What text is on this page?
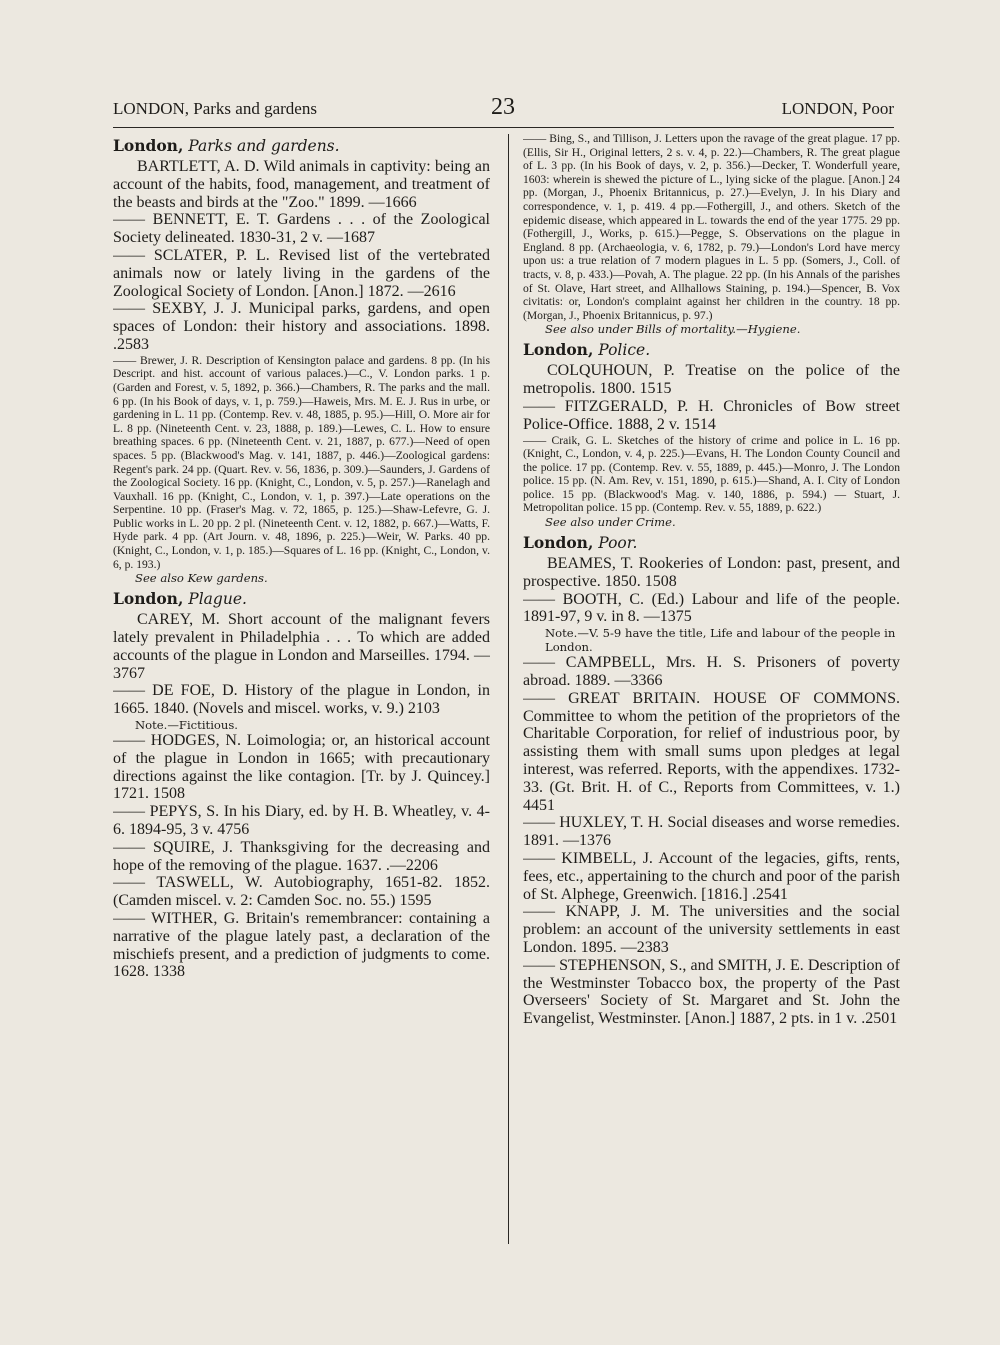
LONDON, Parks and gardens	23	LONDON, Poor
London, Parks and gardens.

BARTLETT, A. D. Wild animals in captivity: being an account of the habits, food, management, and treatment of the beasts and birds at the "Zoo." 1899. —1666

—— BENNETT, E. T. Gardens . . . of the Zoological Society delineated. 1830-31, 2 v. —1687

—— SCLATER, P. L. Revised list of the vertebrated animals now or lately living in the gardens of the Zoological Society of London. [Anon.] 1872. —2616

—— SEXBY, J. J. Municipal parks, gardens, and open spaces of London: their history and associations. 1898. .2583

—— Brewer, J. R. Description of Kensington palace and gardens. 8 pp. (In his Descript. and hist. account of various palaces.)—C., V. London parks. 1 p. (Garden and Forest, v. 5, 1892, p. 366.)—Chambers, R. The parks and the mall. 6 pp. (In his Book of days, v. 1, p. 759.)—Haweis, Mrs. M. E. J. Rus in urbe, or gardening in L. 11 pp. (Contemp. Rev. v. 48, 1885, p. 95.)—Hill, O. More air for L. 8 pp. (Nineteenth Cent. v. 23, 1888, p. 189.)—Lewes, C. L. How to ensure breathing spaces. 6 pp. (Nineteenth Cent. v. 21, 1887, p. 677.)—Need of open spaces. 5 pp. (Blackwood's Mag. v. 141, 1887, p. 446.)—Zoological gardens: Regent's park. 24 pp. (Quart. Rev. v. 56, 1836, p. 309.)—Saunders, J. Gardens of the Zoological Society. 16 pp. (Knight, C., London, v. 5, p. 257.)—Ranelagh and Vauxhall. 16 pp. (Knight, C., London, v. 1, p. 397.)—Late operations on the Serpentine. 10 pp. (Fraser's Mag. v. 72, 1865, p. 125.)—Shaw-Lefevre, G. J. Public works in L. 20 pp. 2 pl. (Nineteenth Cent. v. 12, 1882, p. 667.)—Watts, F. Hyde park. 4 pp. (Art Journ. v. 48, 1896, p. 225.)—Weir, W. Parks. 40 pp. (Knight, C., London, v. 1, p. 185.)—Squares of L. 16 pp. (Knight, C., London, v. 6, p. 193.)

See also Kew gardens.

London, Plague.

CAREY, M. Short account of the malignant fevers lately prevalent in Philadelphia . . . To which are added accounts of the plague in London and Marseilles. 1794. —3767

—— DE FOE, D. History of the plague in London, in 1665. 1840. (Novels and miscel. works, v. 9.) 2103

Note.—Fictitious.

—— HODGES, N. Loimologia; or, an historical account of the plague in London in 1665; with precautionary directions against the like contagion. [Tr. by J. Quincey.] 1721. 1508

—— PEPYS, S. In his Diary, ed. by H. B. Wheatley, v. 4-6. 1894-95, 3 v. 4756

—— SQUIRE, J. Thanksgiving for the decreasing and hope of the removing of the plague. 1637. .—2206

—— TASWELL, W. Autobiography, 1651-82. 1852. (Camden miscel. v. 2: Camden Soc. no. 55.) 1595

—— WITHER, G. Britain's remembrancer: containing a narrative of the plague lately past, a declaration of the mischiefs present, and a prediction of judgments to come. 1628. 1338

—— Bing, S., and Tillison, J. Letters upon the ravage of the great plague. 17 pp. (Ellis, Sir H., Original letters, 2 s. v. 4, p. 22.)—Chambers, R. The great plague of L. 3 pp. (In his Book of days, v. 2, p. 356.)—Decker, T. Wonderfull yeare, 1603: wherein is shewed the picture of L., lying sicke of the plague. [Anon.] 24 pp. (Morgan, J., Phoenix Britannicus, p. 27.)—Evelyn, J. In his Diary and correspondence, v. 1, p. 419. 4 pp.—Fothergill, J., and others. Sketch of the epidemic disease, which appeared in L. towards the end of the year 1775. 29 pp. (Fothergill, J., Works, p. 615.)—Pegge, S. Observations on the plague in England. 8 pp. (Archaeologia, v. 6, 1782, p. 79.)—London's Lord have mercy upon us: a true relation of 7 modern plagues in L. 5 pp. (Somers, J., Coll. of tracts, v. 8, p. 433.)—Povah, A. The plague. 22 pp. (In his Annals of the parishes of St. Olave, Hart street, and Allhallows Staining, p. 194.)—Spencer, B. Vox civitatis: or, London's complaint against her children in the country. 18 pp. (Morgan, J., Phoenix Britannicus, p. 97.)

See also under Bills of mortality.—Hygiene.

London, Police.

COLQUHOUN, P. Treatise on the police of the metropolis. 1800. 1515

—— FITZGERALD, P. H. Chronicles of Bow street Police-Office. 1888, 2 v. 1514

—— Craik, G. L. Sketches of the history of crime and police in L. 16 pp. (Knight, C., London, v. 4, p. 225.)—Evans, H. The London County Council and the police. 17 pp. (Contemp. Rev. v. 55, 1889, p. 445.)—Monro, J. The London police. 15 pp. (N. Am. Rev, v. 151, 1890, p. 615.)—Shand, A. I. City of London police. 15 pp. (Blackwood's Mag. v. 140, 1886, p. 594.) — Stuart, J. Metropolitan police. 15 pp. (Contemp. Rev. v. 55, 1889, p. 622.)

See also under Crime.

London, Poor.

BEAMES, T. Rookeries of London: past, present, and prospective. 1850. 1508

—— BOOTH, C. (Ed.) Labour and life of the people. 1891-97, 9 v. in 8. —1375

Note.—V. 5-9 have the title, Life and labour of the people in London.

—— CAMPBELL, Mrs. H. S. Prisoners of poverty abroad. 1889. —3366

—— GREAT BRITAIN. HOUSE OF COMMONS. Committee to whom the petition of the proprietors of the Charitable Corporation, for relief of industrious poor, by assisting them with small sums upon pledges at legal interest, was referred. Reports, with the appendixes. 1732-33. (Gt. Brit. H. of C., Reports from Committees, v. 1.) 4451

—— HUXLEY, T. H. Social diseases and worse remedies. 1891. —1376

—— KIMBELL, J. Account of the legacies, gifts, rents, fees, etc., appertaining to the church and poor of the parish of St. Alphege, Greenwich. [1816.] .2541

—— KNAPP, J. M. The universities and the social problem: an account of the university settlements in east London. 1895. —2383

—— STEPHENSON, S., and SMITH, J. E. Description of the Westminster Tobacco box, the property of the Past Overseers' Society of St. Margaret and St. John the Evangelist, Westminster. [Anon.] 1887, 2 pts. in 1 v. .2501
